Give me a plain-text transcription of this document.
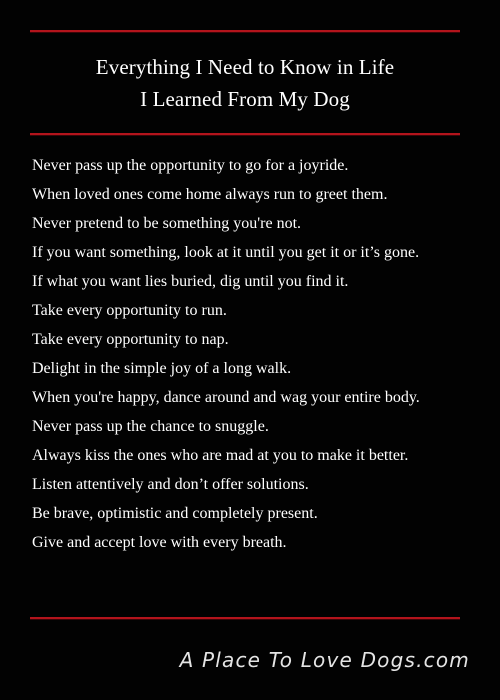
Everything I Need to Know in Life
I Learned From My Dog
Never pass up the opportunity to go for a joyride.
When loved ones come home always run to greet them.
Never pretend to be something you're not.
If you want something, look at it until you get it or it’s gone.
If what you want lies buried, dig until you find it.
Take every opportunity to run.
Take every opportunity to nap.
Delight in the simple joy of a long walk.
When you're happy, dance around and wag your entire body.
Never pass up the chance to snuggle.
Always kiss the ones who are mad at you to make it better.
Listen attentively and don’t offer solutions.
Be brave, optimistic and completely present.
Give and accept love with every breath.
A Place To Love Dogs.com
